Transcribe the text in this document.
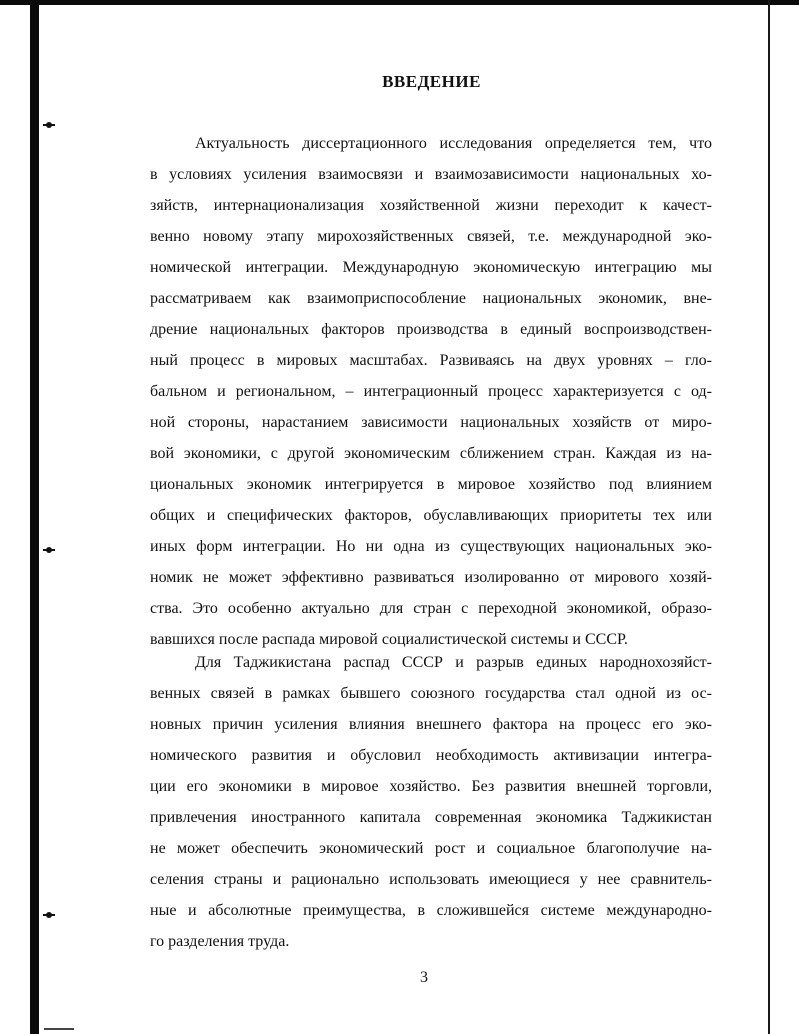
ВВЕДЕНИЕ
Актуальность диссертационного исследования определяется тем, что
в условиях усиления взаимосвязи и взаимозависимости национальных хо-
зяйств, интернационализация хозяйственной жизни переходит к качест-
венно новому этапу мирохозяйственных связей, т.е. международной эко-
номической интеграции. Международную экономическую интеграцию мы
рассматриваем как взаимоприспособление национальных экономик, вне-
дрение национальных факторов производства в единый воспроизводствен-
ный процесс в мировых масштабах. Развиваясь на двух уровнях – гло-
бальном и региональном, – интеграционный процесс характеризуется с од-
ной стороны, нарастанием зависимости национальных хозяйств от миро-
вой экономики, с другой экономическим сближением стран. Каждая из на-
циональных экономик интегрируется в мировое хозяйство под влиянием
общих и специфических факторов, обуславливающих приоритеты тех или
иных форм интеграции. Но ни одна из существующих национальных эко-
номик не может эффективно развиваться изолированно от мирового хозяй-
ства. Это особенно актуально для стран с переходной экономикой, образо-
вавшихся после распада мировой социалистической системы и СССР.
Для Таджикистана распад СССР и разрыв единых народнохозяйст-
венных связей в рамках бывшего союзного государства стал одной из ос-
новных причин усиления влияния внешнего фактора на процесс его эко-
номического развития и обусловил необходимость активизации интегра-
ции его экономики в мировое хозяйство. Без развития внешней торговли,
привлечения иностранного капитала современная экономика Таджикистан
не может обеспечить экономический рост и социальное благополучие на-
селения страны и рационально использовать имеющиеся у нее сравнитель-
ные и абсолютные преимущества, в сложившейся системе международно-
го разделения труда.
3
